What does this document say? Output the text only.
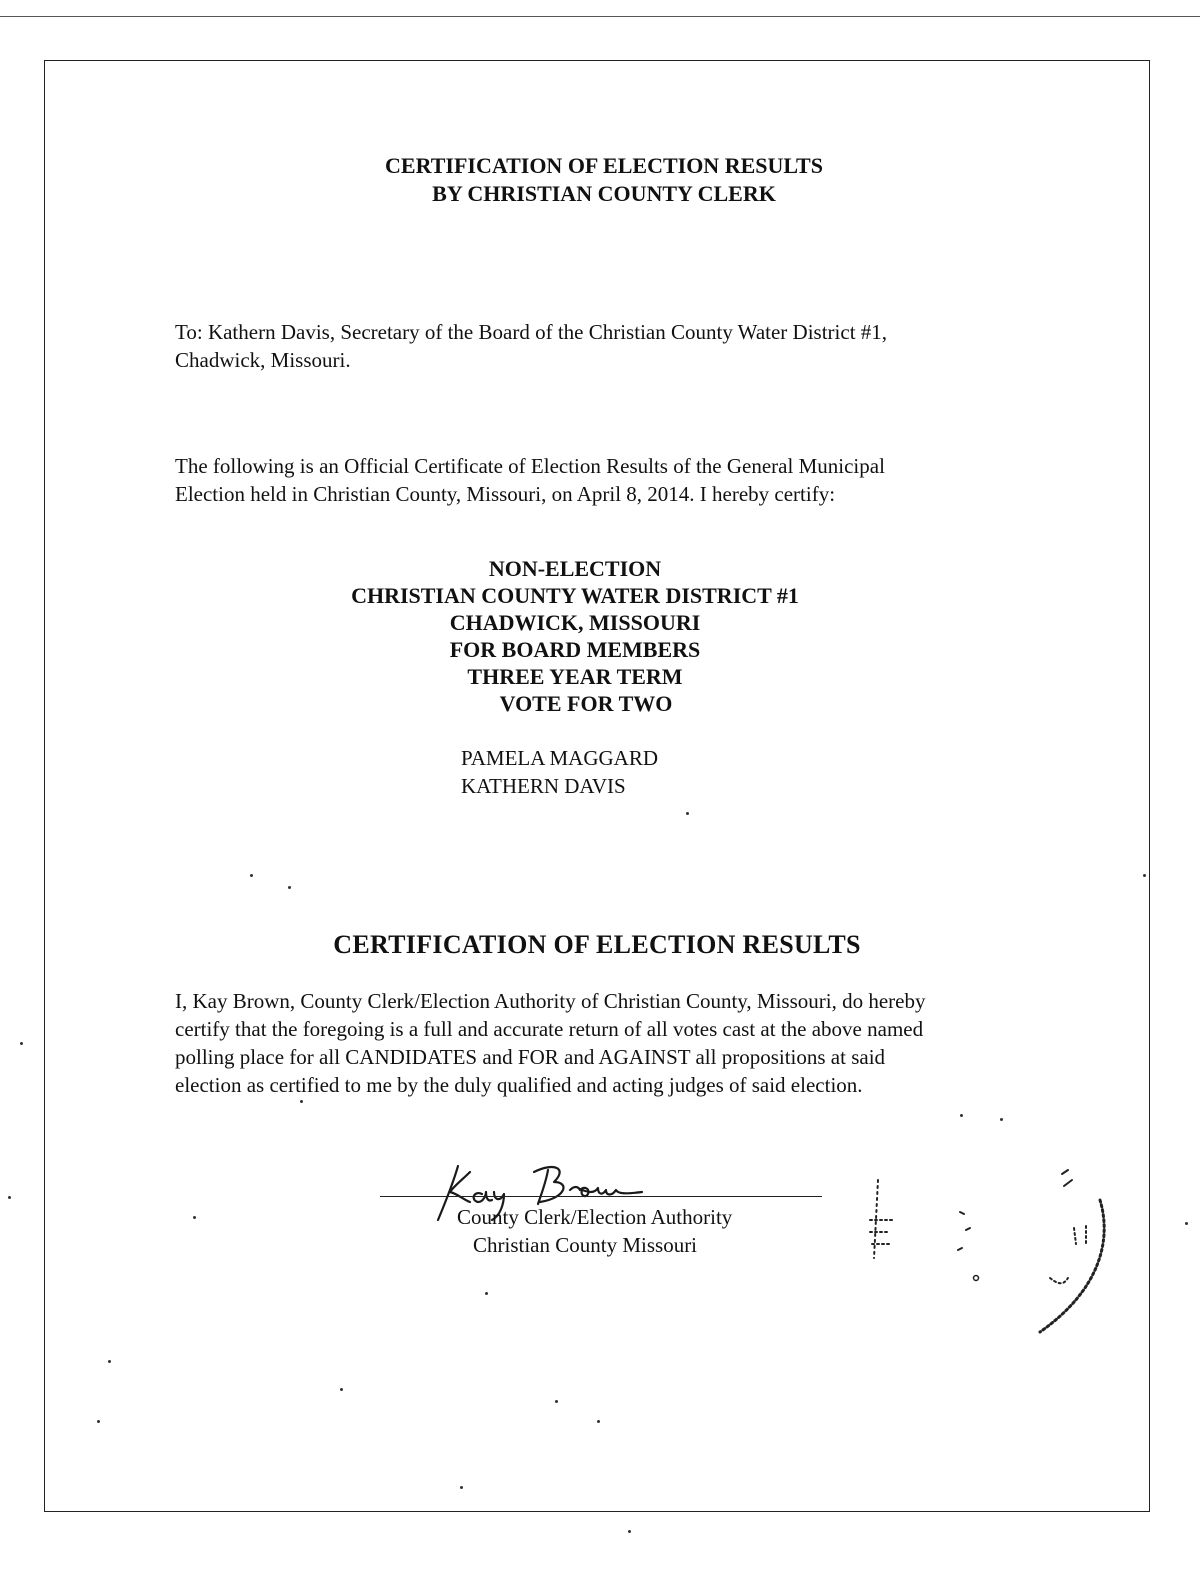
CERTIFICATION OF ELECTION RESULTS
BY CHRISTIAN COUNTY CLERK
To: Kathern Davis, Secretary of the Board of the Christian County Water District #1,
Chadwick, Missouri.
The following is an Official Certificate of Election Results of the General Municipal
Election held in Christian County, Missouri, on April 8, 2014. I hereby certify:
NON-ELECTION
CHRISTIAN COUNTY WATER DISTRICT #1
CHADWICK, MISSOURI
FOR BOARD MEMBERS
THREE YEAR TERM
VOTE FOR TWO
PAMELA MAGGARD
KATHERN DAVIS
CERTIFICATION OF ELECTION RESULTS
I, Kay Brown, County Clerk/Election Authority of Christian County, Missouri, do hereby
certify that the foregoing is a full and accurate return of all votes cast at the above named
polling place for all CANDIDATES and FOR and AGAINST all propositions at said
election as certified to me by the duly qualified and acting judges of said election.
County Clerk/Election Authority
Christian County Missouri
